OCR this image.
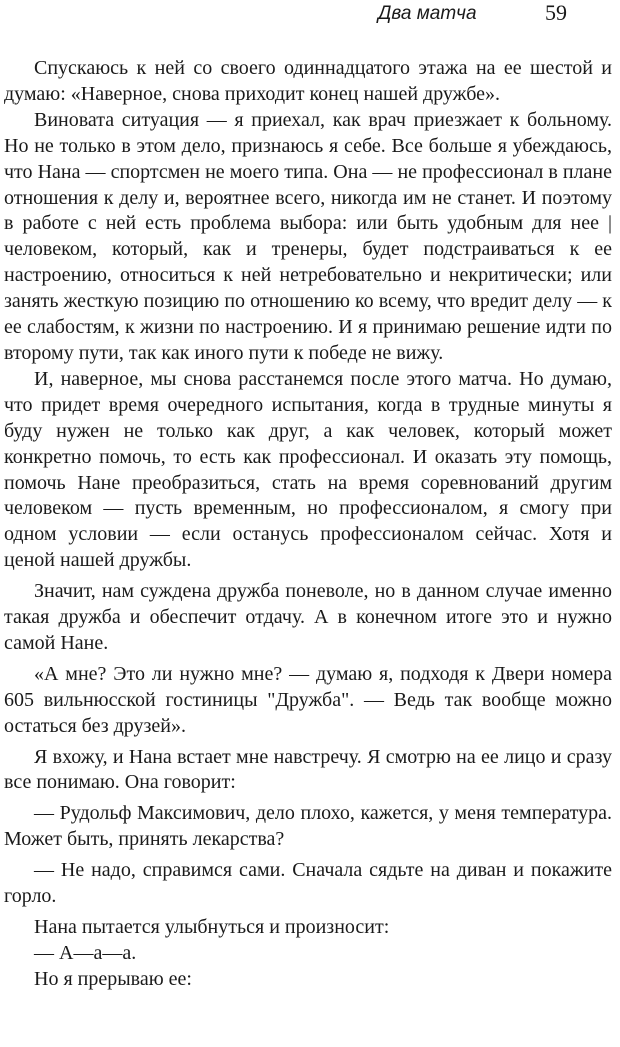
Два матча	59

Спускаюсь к ней со своего одиннадцатого этажа на ее шестой и думаю: «Наверное, снова приходит конец нашей дружбе».

Виновата ситуация — я приехал, как врач приезжает к больному. Но не только в этом дело, признаюсь я себе. Все больше я убеждаюсь, что Нана — спортсмен не моего типа. Она — не профессионал в плане отношения к делу и, вероятнее всего, никогда им не станет. И поэтому в работе с ней есть проблема выбора: или быть удобным для нее | человеком, который, как и тренеры, будет подстраиваться к ее настроению, относиться к ней нетребовательно и некритически; или занять жесткую позицию по отношению ко всему, что вредит делу — к ее слабостям, к жизни по настроению. И я принимаю решение идти по второму пути, так как иного пути к победе не вижу.

И, наверное, мы снова расстанемся после этого матча. Но думаю, что придет время очередного испытания, когда в трудные минуты я буду нужен не только как друг, а как человек, который может конкретно помочь, то есть как профессионал. И оказать эту помощь, помочь Нане преобразиться, стать на время соревнований другим человеком — пусть временным, но профессионалом, я смогу при одном условии — если останусь профессионалом сейчас. Хотя и ценой нашей дружбы.

Значит, нам суждена дружба поневоле, но в данном случае именно такая дружба и обеспечит отдачу. А в конечном итоге это и нужно самой Нане.

«А мне? Это ли нужно мне? — думаю я, подходя к Двери номера 605 вильнюсской гостиницы "Дружба". — Ведь так вообще можно остаться без друзей».

Я вхожу, и Нана встает мне навстречу. Я смотрю на ее лицо и сразу все понимаю. Она говорит:

— Рудольф Максимович, дело плохо, кажется, у меня температура. Может быть, принять лекарства?

— Не надо, справимся сами. Сначала сядьте на диван и покажите горло.

Нана пытается улыбнуться и произносит:

— А—а—а.

Но я прерываю ее:
